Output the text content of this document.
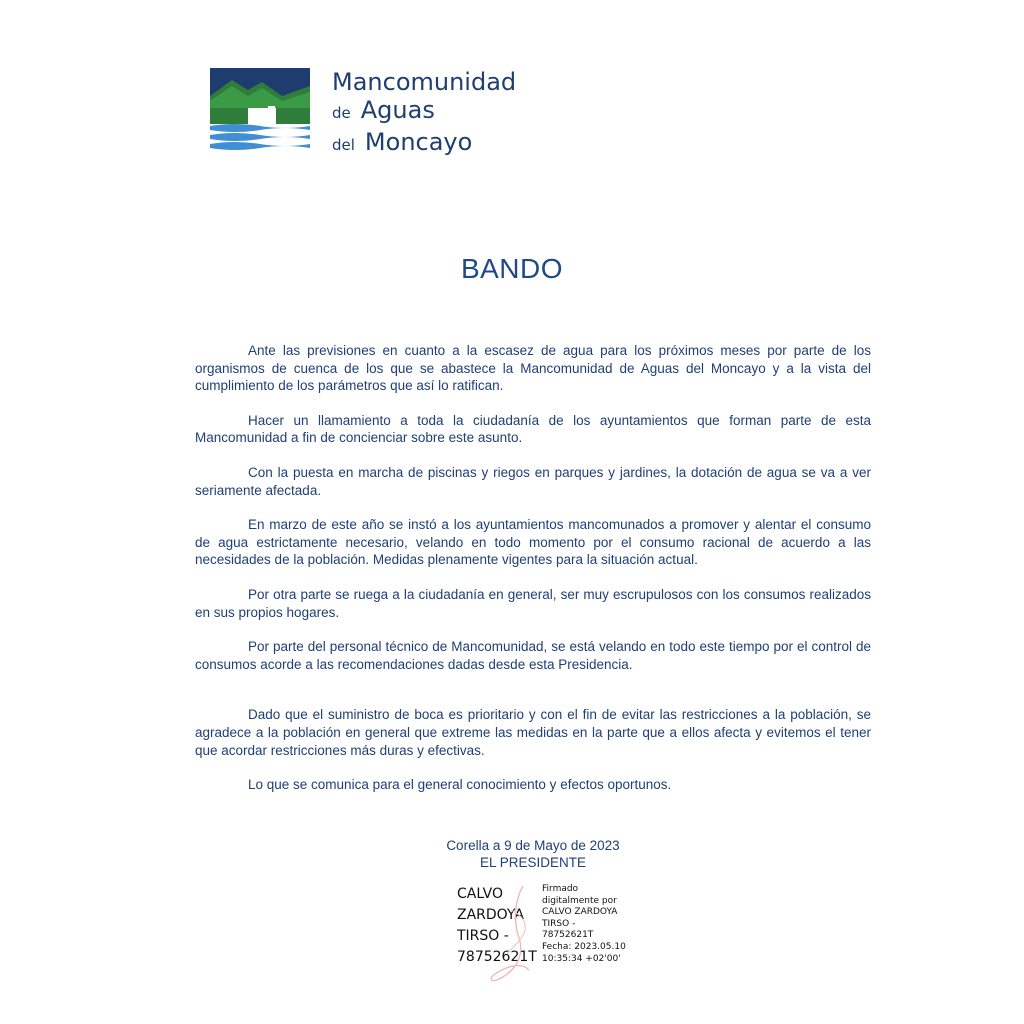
Mancomunidad
de Aguas
del Moncayo
BANDO

Ante las previsiones en cuanto a la escasez de agua para los próximos meses por parte de los organismos de cuenca de los que se abastece la Mancomunidad de Aguas del Moncayo y a la vista del cumplimiento de los parámetros que así lo ratifican.

Hacer un llamamiento a toda la ciudadanía de los ayuntamientos que forman parte de esta Mancomunidad a fin de concienciar sobre este asunto.

Con la puesta en marcha de piscinas y riegos en parques y jardines, la dotación de agua se va a ver seriamente afectada.

En marzo de este año se instó a los ayuntamientos mancomunados a promover y alentar el consumo de agua estrictamente necesario, velando en todo momento por el consumo racional de acuerdo a las necesidades de la población. Medidas plenamente vigentes para la situación actual.

Por otra parte se ruega a la ciudadanía en general, ser muy escrupulosos con los consumos realizados en sus propios hogares.

Por parte del personal técnico de Mancomunidad, se está velando en todo este tiempo por el control de consumos acorde a las recomendaciones dadas desde esta Presidencia.

Dado que el suministro de boca es prioritario y con el fin de evitar las restricciones a la población, se agradece a la población en general que extreme las medidas en la parte que a ellos afecta y evitemos el tener que acordar restricciones más duras y efectivas.

Lo que se comunica para el general conocimiento y efectos oportunos.

Corella a 9 de Mayo de 2023
EL PRESIDENTE
CALVO
ZARDOYA
TIRSO -
78752621T
Firmado
digitalmente por
CALVO ZARDOYA
TIRSO -
78752621T
Fecha: 2023.05.10
10:35:34 +02'00'
